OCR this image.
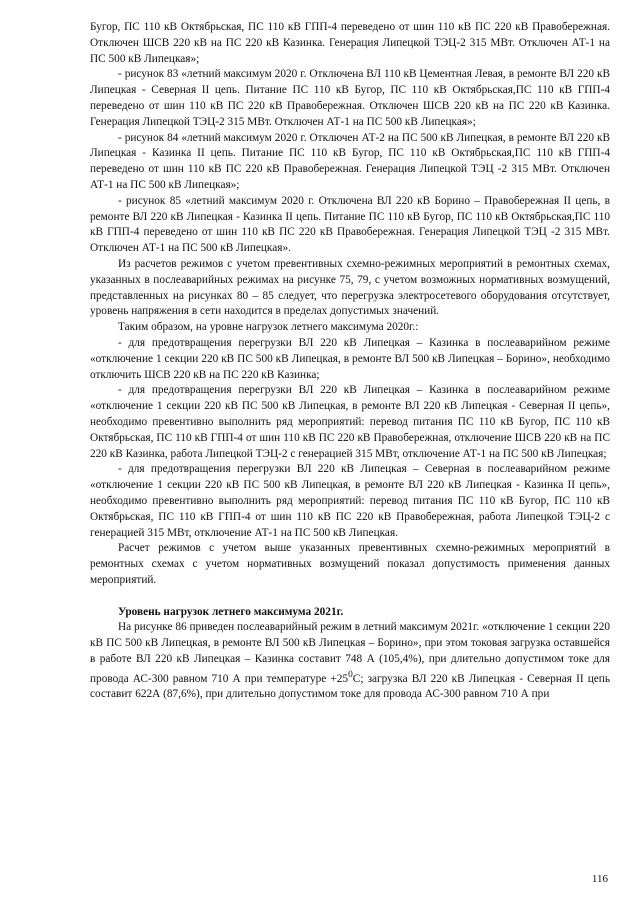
Бугор, ПС 110 кВ Октябрьская, ПС 110 кВ ГПП-4 переведено от шин 110 кВ ПС 220 кВ Правобережная. Отключен ШСВ 220 кВ на ПС 220 кВ Казинка. Генерация Липецкой ТЭЦ-2 315 МВт. Отключен АТ-1 на ПС 500 кВ Липецкая»;

- рисунок 83 «летний максимум 2020 г. Отключена ВЛ 110 кВ Цементная Левая, в ремонте ВЛ 220 кВ Липецкая - Северная II цепь. Питание ПС 110 кВ Бугор, ПС 110 кВ Октябрьская,ПС 110 кВ ГПП-4 переведено от шин 110 кВ ПС 220 кВ Правобережная. Отключен ШСВ 220 кВ на ПС 220 кВ Казинка. Генерация Липецкой ТЭЦ-2 315 МВт. Отключен АТ-1 на ПС 500 кВ Липецкая»;

- рисунок 84 «летний максимум 2020 г. Отключен АТ-2 на ПС 500 кВ Липецкая, в ремонте ВЛ 220 кВ Липецкая - Казинка II цепь. Питание ПС 110 кВ Бугор, ПС 110 кВ Октябрьская,ПС 110 кВ ГПП-4 переведено от шин 110 кВ ПС 220 кВ Правобережная. Генерация Липецкой ТЭЦ -2 315 МВт. Отключен АТ-1 на ПС 500 кВ Липецкая»;

- рисунок 85 «летний максимум 2020 г. Отключена ВЛ 220 кВ Борино – Правобережная II цепь, в ремонте ВЛ 220 кВ Липецкая - Казинка II цепь. Питание ПС 110 кВ Бугор, ПС 110 кВ Октябрьская,ПС 110 кВ ГПП-4 переведено от шин 110 кВ ПС 220 кВ Правобережная. Генерация Липецкой ТЭЦ -2 315 МВт. Отключен АТ-1 на ПС 500 кВ Липецкая».

Из расчетов режимов с учетом превентивных схемно-режимных мероприятий в ремонтных схемах, указанных в послеаварийных режимах на рисунке 75, 79, с учетом возможных нормативных возмущений, представленных на рисунках 80 – 85 следует, что перегрузка электросетевого оборудования отсутствует, уровень напряжения в сети находится в пределах допустимых значений.

Таким образом, на уровне нагрузок летнего максимума 2020г.:

- для предотвращения перегрузки ВЛ 220 кВ Липецкая – Казинка в послеаварийном режиме «отключение 1 секции 220 кВ ПС 500 кВ Липецкая, в ремонте ВЛ 500 кВ Липецкая – Борино», необходимо отключить ШСВ 220 кВ на ПС 220 кВ Казинка;

- для предотвращения перегрузки ВЛ 220 кВ Липецкая – Казинка в послеаварийном режиме «отключение 1 секции 220 кВ ПС 500 кВ Липецкая, в ремонте ВЛ 220 кВ Липецкая - Северная II цепь», необходимо превентивно выполнить ряд мероприятий: перевод питания ПС 110 кВ Бугор, ПС 110 кВ Октябрьская, ПС 110 кВ ГПП-4 от шин 110 кВ ПС 220 кВ Правобережная, отключение ШСВ 220 кВ на ПС 220 кВ Казинка, работа Липецкой ТЭЦ-2 с генерацией 315 МВт, отключение АТ-1 на ПС 500 кВ Липецкая;

- для предотвращения перегрузки ВЛ 220 кВ Липецкая – Северная в послеаварийном режиме «отключение 1 секции 220 кВ ПС 500 кВ Липецкая, в ремонте ВЛ 220 кВ Липецкая - Казинка II цепь», необходимо превентивно выполнить ряд мероприятий: перевод питания ПС 110 кВ Бугор, ПС 110 кВ Октябрьская, ПС 110 кВ ГПП-4 от шин 110 кВ ПС 220 кВ Правобережная, работа Липецкой ТЭЦ-2 с генерацией 315 МВт, отключение АТ-1 на ПС 500 кВ Липецкая.

Расчет режимов с учетом выше указанных превентивных схемно-режимных мероприятий в ремонтных схемах с учетом нормативных возмущений показал допустимость применения данных мероприятий.

Уровень нагрузок летнего максимума 2021г.

На рисунке 86 приведен послеаварийный режим в летний максимум 2021г. «отключение 1 секции 220 кВ ПС 500 кВ Липецкая, в ремонте ВЛ 500 кВ Липецкая – Борино», при этом токовая загрузка оставшейся в работе ВЛ 220 кВ Липецкая – Казинка составит 748 А (105,4%), при длительно допустимом токе для провода АС-300 равном 710 А при температуре $+25^0С$; загрузка ВЛ 220 кВ Липецкая - Северная II цепь составит 622А (87,6%), при длительно допустимом токе для провода АС-300 равном 710 А при

116
